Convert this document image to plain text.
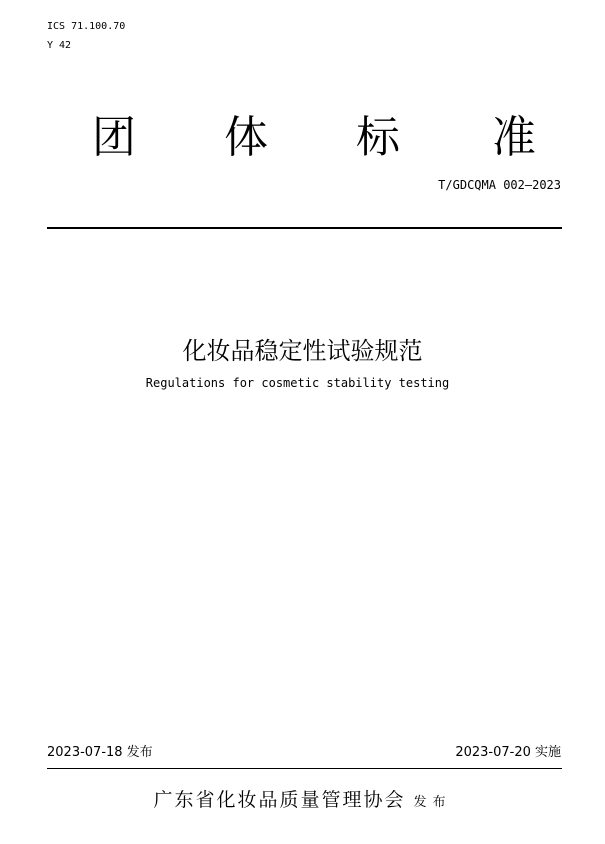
ICS 71.100.70
Y 42
团 体 标 准
T/GDCQMA 002—2023
化妆品稳定性试验规范
Regulations for cosmetic stability testing
2023-07-18 发布	2023-07-20 实施
广东省化妆品质量管理协会 发布
